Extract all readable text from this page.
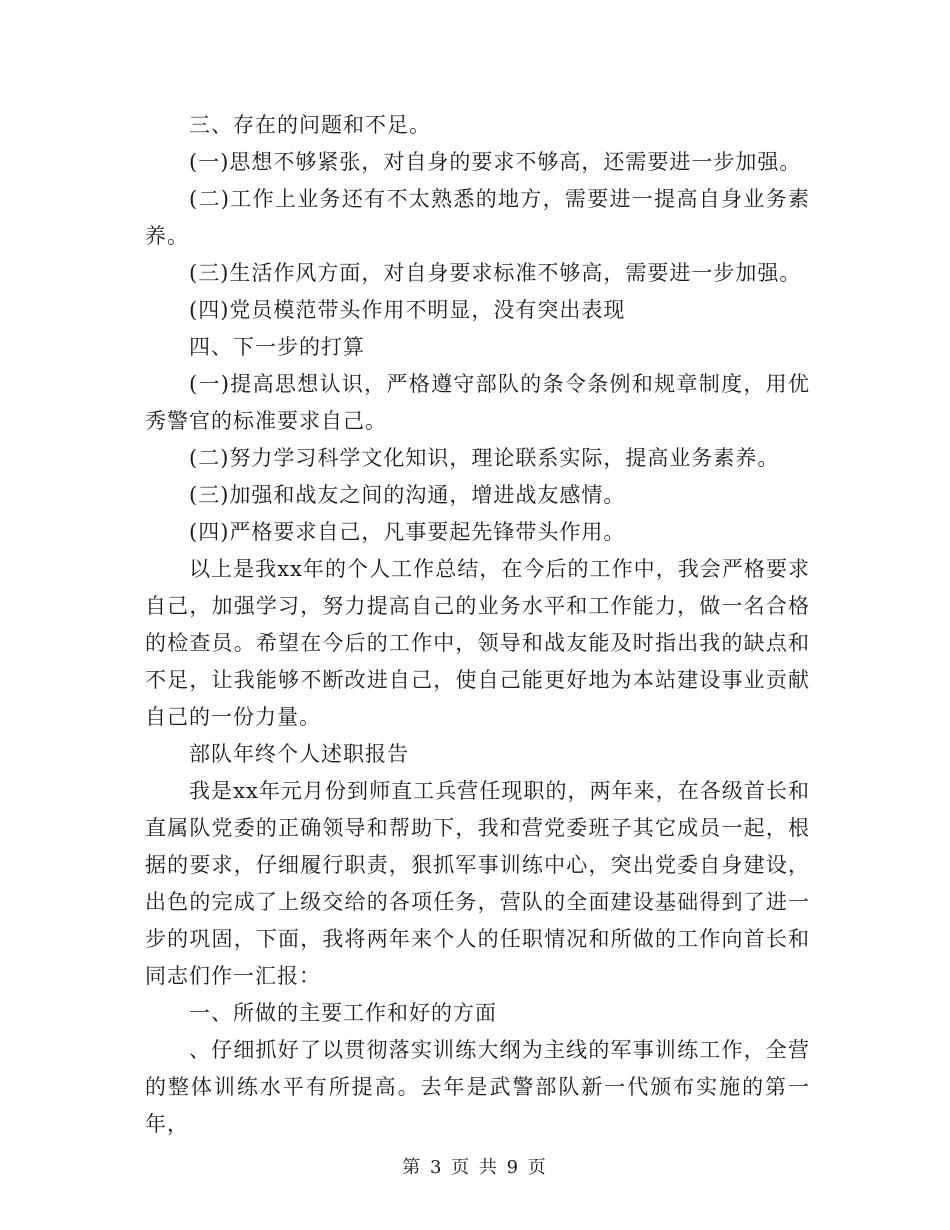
三、存在的问题和不足。

(一)思想不够紧张，对自身的要求不够高，还需要进一步加强。

(二)工作上业务还有不太熟悉的地方，需要进一提高自身业务素养。

(三)生活作风方面，对自身要求标准不够高，需要进一步加强。

(四)党员模范带头作用不明显，没有突出表现

四、下一步的打算

(一)提高思想认识，严格遵守部队的条令条例和规章制度，用优秀警官的标准要求自己。

(二)努力学习科学文化知识，理论联系实际，提高业务素养。

(三)加强和战友之间的沟通，增进战友感情。

(四)严格要求自己，凡事要起先锋带头作用。

以上是我xx年的个人工作总结，在今后的工作中，我会严格要求自己，加强学习，努力提高自己的业务水平和工作能力，做一名合格的检查员。希望在今后的工作中，领导和战友能及时指出我的缺点和不足，让我能够不断改进自己，使自己能更好地为本站建设事业贡献自己的一份力量。

部队年终个人述职报告

我是xx年元月份到师直工兵营任现职的，两年来，在各级首长和直属队党委的正确领导和帮助下，我和营党委班子其它成员一起，根据的要求，仔细履行职责，狠抓军事训练中心，突出党委自身建设，出色的完成了上级交给的各项任务，营队的全面建设基础得到了进一步的巩固，下面，我将两年来个人的任职情况和所做的工作向首长和同志们作一汇报：

一、所做的主要工作和好的方面

、仔细抓好了以贯彻落实训练大纲为主线的军事训练工作，全营的整体训练水平有所提高。去年是武警部队新一代颁布实施的第一年，

第 3 页 共 9 页
